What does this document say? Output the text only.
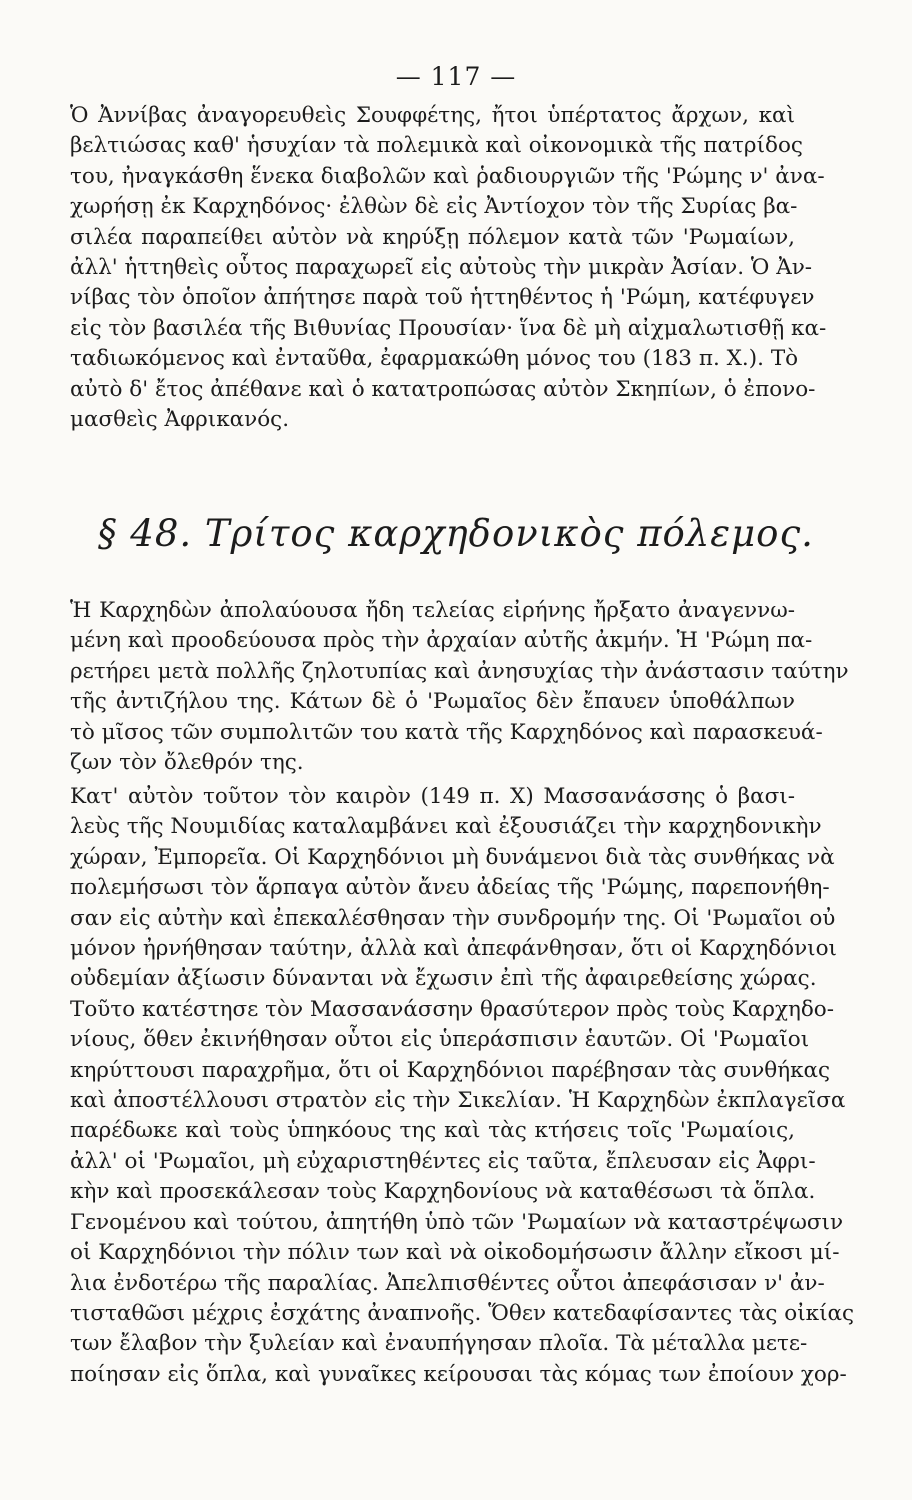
— 117 —
Ὁ Ἀννίβας ἀναγορευθεὶς Σουφφέτης, ἤτοι ὑπέρτατος ἄρχων, καὶ
βελτιώσας καθ' ἡσυχίαν τὰ πολεμικὰ καὶ οἰκονομικὰ τῆς πατρίδος
του, ἠναγκάσθη ἕνεκα διαβολῶν καὶ ῥαδιουργιῶν τῆς 'Ρώμης ν' ἀνα-
χωρήσῃ ἐκ Καρχηδόνος· ἐλθὼν δὲ εἰς Ἀντίοχον τὸν τῆς Συρίας βα-
σιλέα παραπείθει αὐτὸν νὰ κηρύξῃ πόλεμον κατὰ τῶν 'Ρωμαίων,
ἀλλ' ἡττηθεὶς οὗτος παραχωρεῖ εἰς αὐτοὺς τὴν μικρὰν Ἀσίαν. Ὁ Ἀν-
νίβας τὸν ὁποῖον ἀπήτησε παρὰ τοῦ ἡττηθέντος ἡ 'Ρώμη, κατέφυγεν
εἰς τὸν βασιλέα τῆς Βιθυνίας Προυσίαν· ἵνα δὲ μὴ αἰχμαλωτισθῇ κα-
ταδιωκόμενος καὶ ἐνταῦθα, ἐφαρμακώθη μόνος του (183 π. Χ.). Τὸ
αὐτὸ δ' ἔτος ἀπέθανε καὶ ὁ κατατροπώσας αὐτὸν Σκηπίων, ὁ ἐπονο-
μασθεὶς Ἀφρικανός.
§ 48. Τρίτος καρχηδονικὸς πόλεμος.
Ἡ Καρχηδὼν ἀπολαύουσα ἤδη τελείας εἰρήνης ἤρξατο ἀναγεννω-
μένη καὶ προοδεύουσα πρὸς τὴν ἀρχαίαν αὐτῆς ἀκμήν. Ἡ 'Ρώμη πα-
ρετήρει μετὰ πολλῆς ζηλοτυπίας καὶ ἀνησυχίας τὴν ἀνάστασιν ταύτην
τῆς ἀντιζήλου της. Κάτων δὲ ὁ 'Ρωμαῖος δὲν ἔπαυεν ὑποθάλπων
τὸ μῖσος τῶν συμπολιτῶν του κατὰ τῆς Καρχηδόνος καὶ παρασκευά-
ζων τὸν ὄλεθρόν της.
Κατ' αὐτὸν τοῦτον τὸν καιρὸν (149 π. Χ) Μασσανάσσης ὁ βασι-
λεὺς τῆς Νουμιδίας καταλαμβάνει καὶ ἐξουσιάζει τὴν καρχηδονικὴν
χώραν, Ἐμπορεῖα. Οἱ Καρχηδόνιοι μὴ δυνάμενοι διὰ τὰς συνθήκας νὰ
πολεμήσωσι τὸν ἅρπαγα αὐτὸν ἄνευ ἀδείας τῆς 'Ρώμης, παρεπονήθη-
σαν εἰς αὐτὴν καὶ ἐπεκαλέσθησαν τὴν συνδρομήν της. Οἱ 'Ρωμαῖοι οὐ
μόνον ἠρνήθησαν ταύτην, ἀλλὰ καὶ ἀπεφάνθησαν, ὅτι οἱ Καρχηδόνιοι
οὐδεμίαν ἀξίωσιν δύνανται νὰ ἔχωσιν ἐπὶ τῆς ἀφαιρεθείσης χώρας.
Τοῦτο κατέστησε τὸν Μασσανάσσην θρασύτερον πρὸς τοὺς Καρχηδο-
νίους, ὅθεν ἐκινήθησαν οὗτοι εἰς ὑπεράσπισιν ἑαυτῶν. Οἱ 'Ρωμαῖοι
κηρύττουσι παραχρῆμα, ὅτι οἱ Καρχηδόνιοι παρέβησαν τὰς συνθήκας
καὶ ἀποστέλλουσι στρατὸν εἰς τὴν Σικελίαν. Ἡ Καρχηδὼν ἐκπλαγεῖσα
παρέδωκε καὶ τοὺς ὑπηκόους της καὶ τὰς κτήσεις τοῖς 'Ρωμαίοις,
ἀλλ' οἱ 'Ρωμαῖοι, μὴ εὐχαριστηθέντες εἰς ταῦτα, ἔπλευσαν εἰς Ἀφρι-
κὴν καὶ προσεκάλεσαν τοὺς Καρχηδονίους νὰ καταθέσωσι τὰ ὅπλα.
Γενομένου καὶ τούτου, ἀπητήθη ὑπὸ τῶν 'Ρωμαίων νὰ καταστρέψωσιν
οἱ Καρχηδόνιοι τὴν πόλιν των καὶ νὰ οἰκοδομήσωσιν ἄλλην εἴκοσι μί-
λια ἐνδοτέρω τῆς παραλίας. Ἀπελπισθέντες οὗτοι ἀπεφάσισαν ν' ἀν-
τισταθῶσι μέχρις ἐσχάτης ἀναπνοῆς. Ὅθεν κατεδαφίσαντες τὰς οἰκίας
των ἔλαβον τὴν ξυλείαν καὶ ἐναυπήγησαν πλοῖα. Τὰ μέταλλα μετε-
ποίησαν εἰς ὅπλα, καὶ γυναῖκες κείρουσαι τὰς κόμας των ἐποίουν χορ-
